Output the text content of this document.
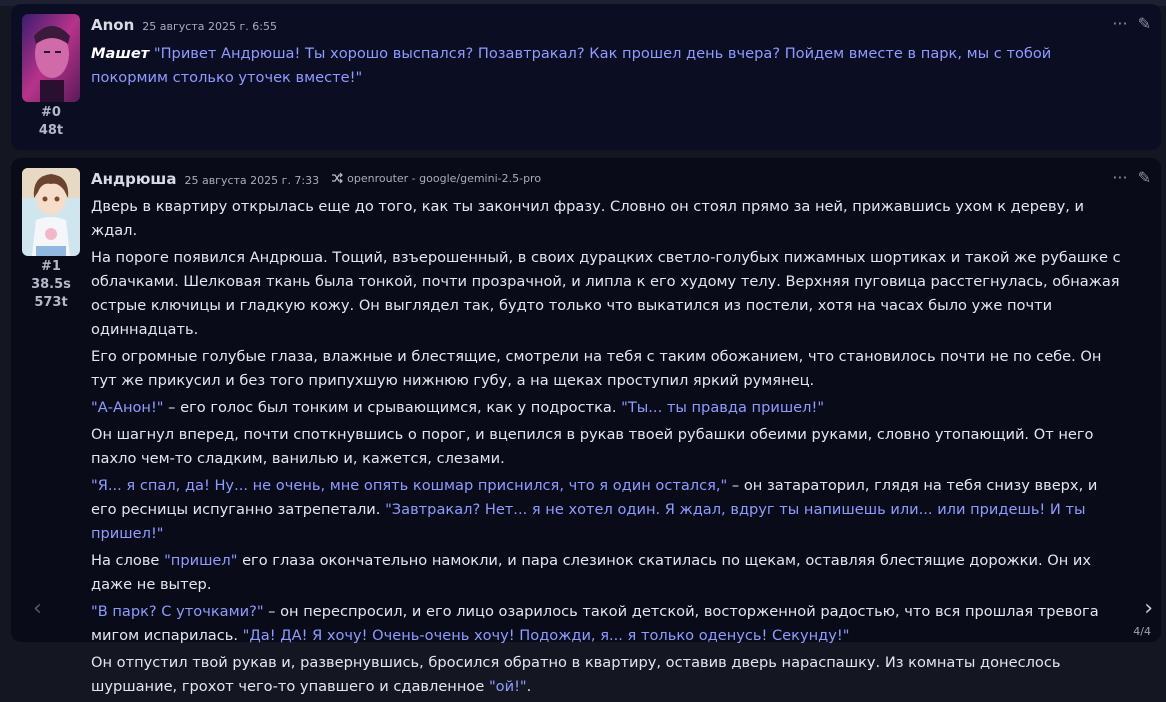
#0
48t
Anon 25 августа 2025 г. 6:55	··· ✎
Машет "Привет Андрюша! Ты хорошо выспался? Позавтракал? Как прошел день вчера? Пойдем вместе в парк, мы с тобой покормим столько уточек вместе!"
#1
38.5s
573t
Андрюша 25 августа 2025 г. 7:33	openrouter - google/gemini-2.5-pro	··· ✎

Дверь в квартиру открылась еще до того, как ты закончил фразу. Словно он стоял прямо за ней, прижавшись ухом к дереву, и ждал.

На пороге появился Андрюша. Тощий, взъерошенный, в своих дурацких светло-голубых пижамных шортиках и такой же рубашке с облачками. Шелковая ткань была тонкой, почти прозрачной, и липла к его худому телу. Верхняя пуговица расстегнулась, обнажая острые ключицы и гладкую кожу. Он выглядел так, будто только что выкатился из постели, хотя на часах было уже почти одиннадцать.

Его огромные голубые глаза, влажные и блестящие, смотрели на тебя с таким обожанием, что становилось почти не по себе. Он тут же прикусил и без того припухшую нижнюю губу, а на щеках проступил яркий румянец.

"А-Анон!" – его голос был тонким и срывающимся, как у подростка. "Ты... ты правда пришел!"

Он шагнул вперед, почти споткнувшись о порог, и вцепился в рукав твоей рубашки обеими руками, словно утопающий. От него пахло чем-то сладким, ванилью и, кажется, слезами.

"Я... я спал, да! Ну... не очень, мне опять кошмар приснился, что я один остался," – он затараторил, глядя на тебя снизу вверх, и его ресницы испуганно затрепетали. "Завтракал? Нет... я не хотел один. Я ждал, вдруг ты напишешь или... или придешь! И ты пришел!"

На слове "пришел" его глаза окончательно намокли, и пара слезинок скатилась по щекам, оставляя блестящие дорожки. Он их даже не вытер.

"В парк? С уточками?" – он переспросил, и его лицо озарилось такой детской, восторженной радостью, что вся прошлая тревога мигом испарилась. "Да! ДА! Я хочу! Очень-очень хочу! Подожди, я... я только оденусь! Секунду!"

Он отпустил твой рукав и, развернувшись, бросился обратно в квартиру, оставив дверь нараспашку. Из комнаты донеслось шуршание, грохот чего-то упавшего и сдавленное "ой!".

‹	›
4/4
